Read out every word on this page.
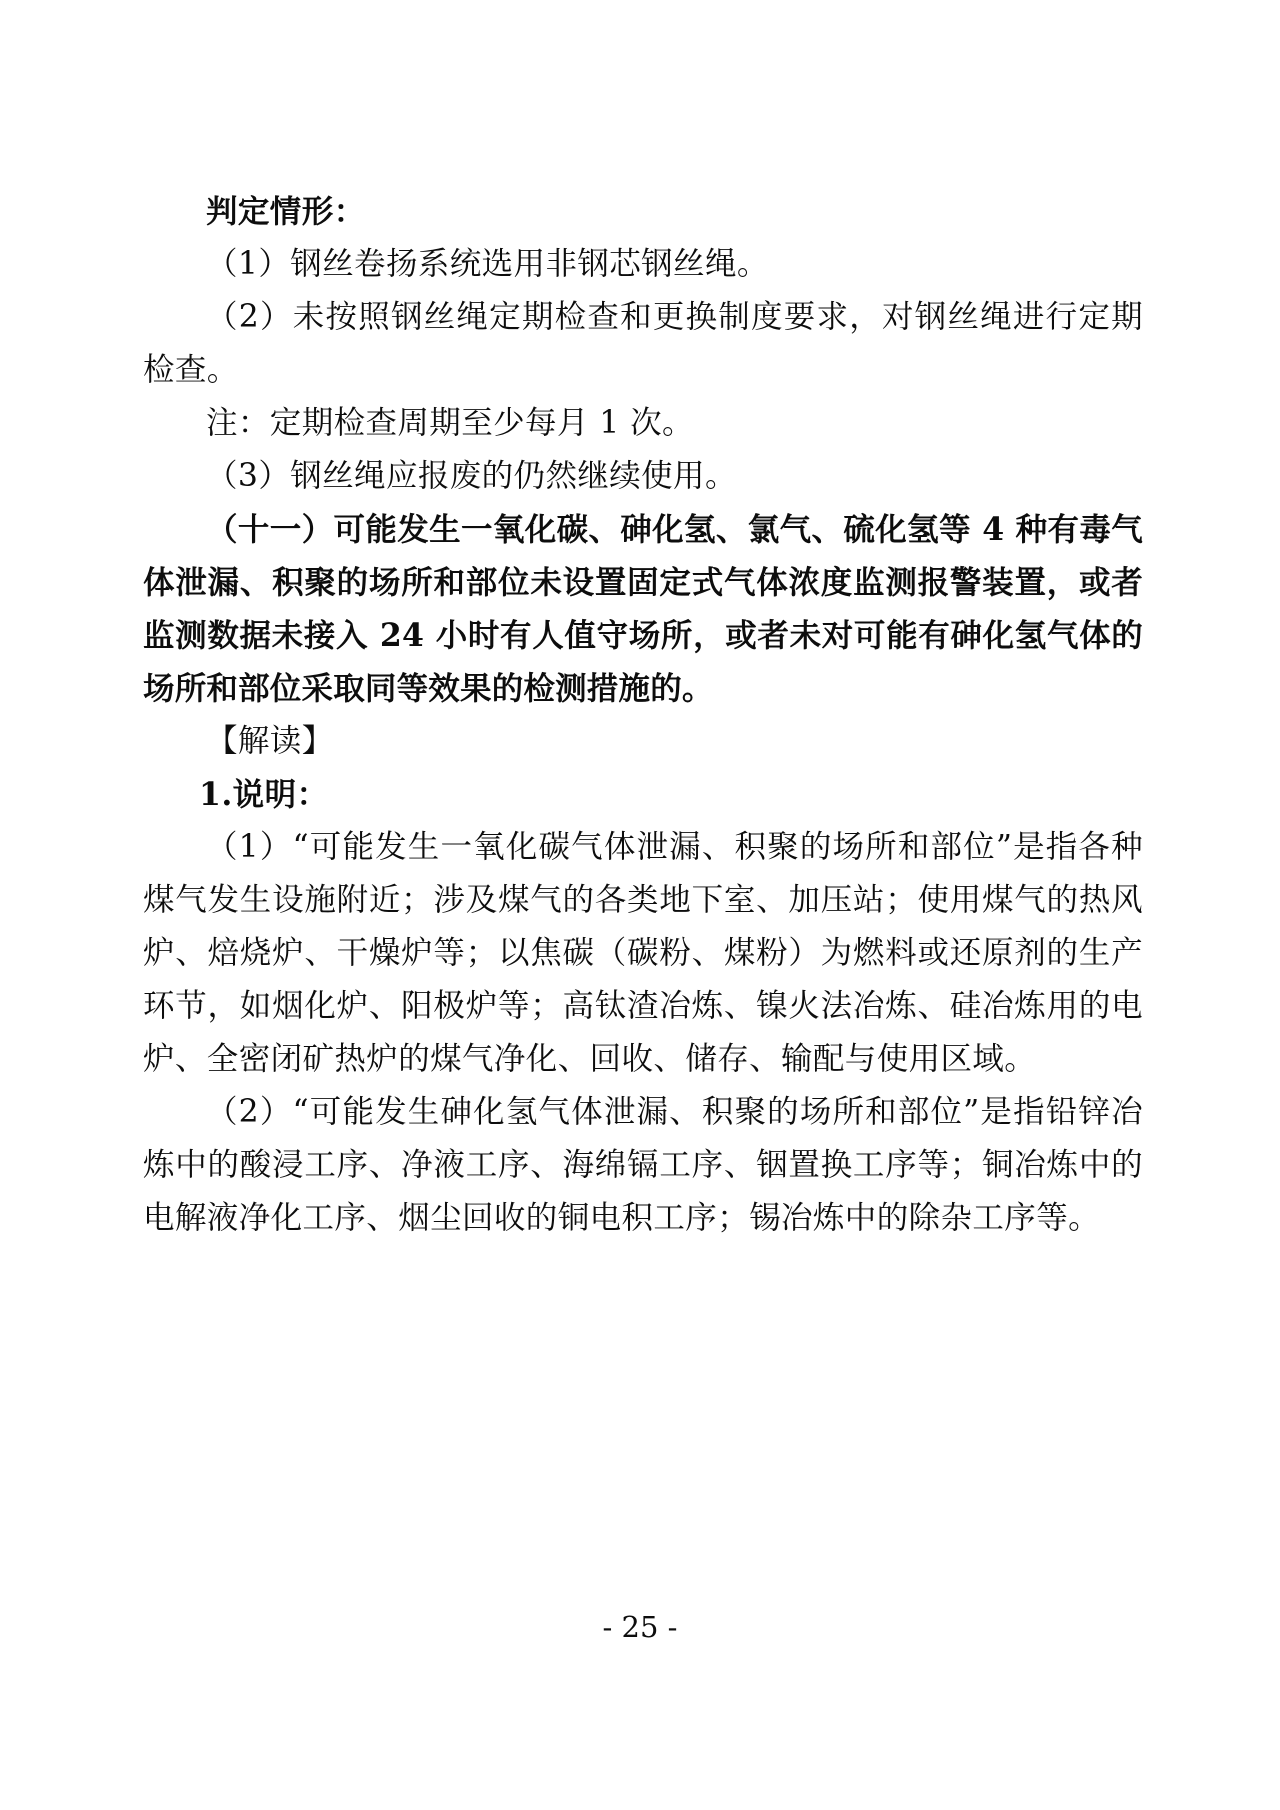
判定情形：

（1）钢丝卷扬系统选用非钢芯钢丝绳。

（2）未按照钢丝绳定期检查和更换制度要求，对钢丝绳进行定期检查。

注：定期检查周期至少每月 1 次。

（3）钢丝绳应报废的仍然继续使用。

（十一）可能发生一氧化碳、砷化氢、氯气、硫化氢等 4 种有毒气体泄漏、积聚的场所和部位未设置固定式气体浓度监测报警装置，或者监测数据未接入 24 小时有人值守场所，或者未对可能有砷化氢气体的场所和部位采取同等效果的检测措施的。

【解读】

1.说明：

（1）“可能发生一氧化碳气体泄漏、积聚的场所和部位”是指各种煤气发生设施附近；涉及煤气的各类地下室、加压站；使用煤气的热风炉、焙烧炉、干燥炉等；以焦碳（碳粉、煤粉）为燃料或还原剂的生产环节，如烟化炉、阳极炉等；高钛渣冶炼、镍火法冶炼、硅冶炼用的电炉、全密闭矿热炉的煤气净化、回收、储存、输配与使用区域。

（2）“可能发生砷化氢气体泄漏、积聚的场所和部位”是指铅锌冶炼中的酸浸工序、净液工序、海绵镉工序、铟置换工序等；铜冶炼中的电解液净化工序、烟尘回收的铜电积工序；锡冶炼中的除杂工序等。

- 25 -
